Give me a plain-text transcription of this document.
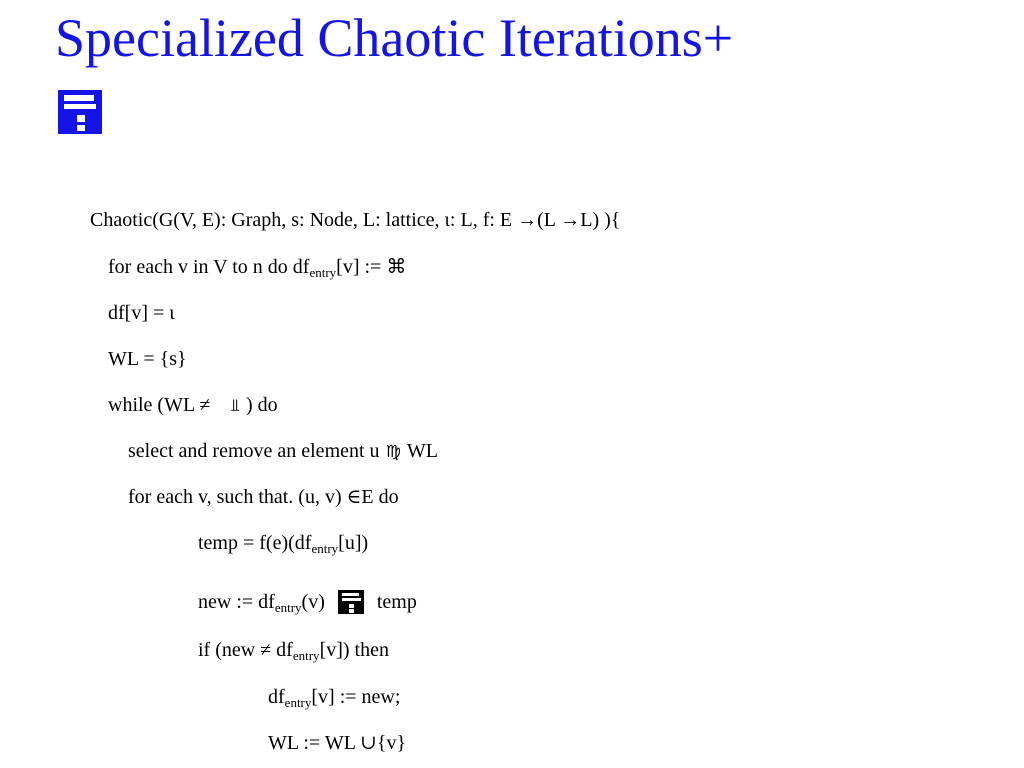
Specialized Chaotic Iterations+
Chaotic(G(V, E): Graph, s: Node, L: lattice, ι: L, f: E →(L →L) ){
for each v in V to n do $df_{entry}[v]$ := ⌘
df[v] = ι
WL = {s}
while (WL ≠ ⫫ ) do
select and remove an element u ♍ WL
for each v, such that. (u, v) ∈E do
temp = $f(e)(df_{entry}[u])$
new := $df_{entry}(v)$	temp
if $(new \ne df_{entry}[v])$ then
$df_{entry}[v]$ := new;
WL := WL ∪{v}
